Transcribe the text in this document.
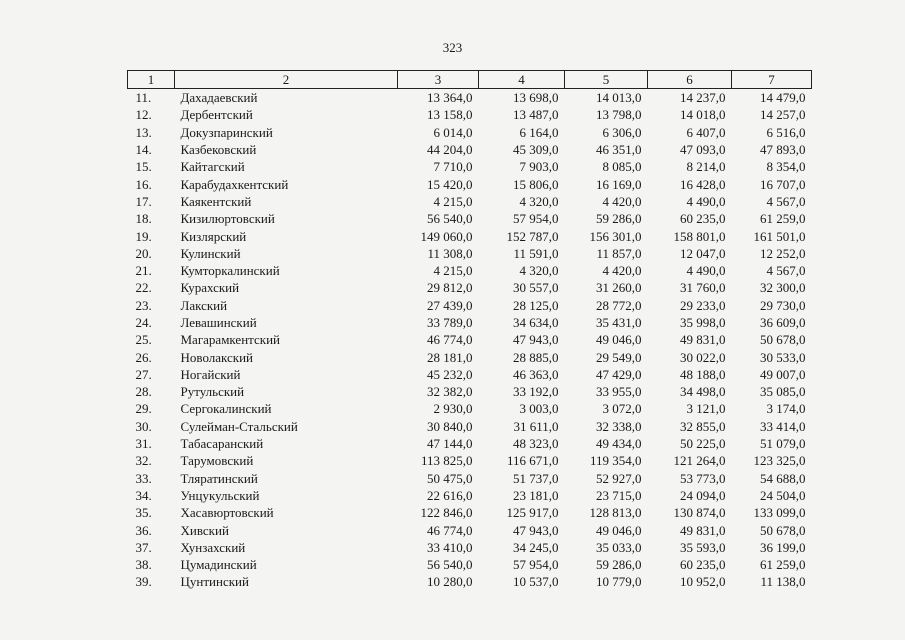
323
1	2	3	4	5	6	7
11.	Дахадаевский	13 364,0	13 698,0	14 013,0	14 237,0	14 479,0
12.	Дербентский	13 158,0	13 487,0	13 798,0	14 018,0	14 257,0
13.	Докузпаринский	6 014,0	6 164,0	6 306,0	6 407,0	6 516,0
14.	Казбековский	44 204,0	45 309,0	46 351,0	47 093,0	47 893,0
15.	Кайтагский	7 710,0	7 903,0	8 085,0	8 214,0	8 354,0
16.	Карабудахкентский	15 420,0	15 806,0	16 169,0	16 428,0	16 707,0
17.	Каякентский	4 215,0	4 320,0	4 420,0	4 490,0	4 567,0
18.	Кизилюртовский	56 540,0	57 954,0	59 286,0	60 235,0	61 259,0
19.	Кизлярский	149 060,0	152 787,0	156 301,0	158 801,0	161 501,0
20.	Кулинский	11 308,0	11 591,0	11 857,0	12 047,0	12 252,0
21.	Кумторкалинский	4 215,0	4 320,0	4 420,0	4 490,0	4 567,0
22.	Курахский	29 812,0	30 557,0	31 260,0	31 760,0	32 300,0
23.	Лакский	27 439,0	28 125,0	28 772,0	29 233,0	29 730,0
24.	Левашинский	33 789,0	34 634,0	35 431,0	35 998,0	36 609,0
25.	Магарамкентский	46 774,0	47 943,0	49 046,0	49 831,0	50 678,0
26.	Новолакский	28 181,0	28 885,0	29 549,0	30 022,0	30 533,0
27.	Ногайский	45 232,0	46 363,0	47 429,0	48 188,0	49 007,0
28.	Рутульский	32 382,0	33 192,0	33 955,0	34 498,0	35 085,0
29.	Сергокалинский	2 930,0	3 003,0	3 072,0	3 121,0	3 174,0
30.	Сулейман-Стальский	30 840,0	31 611,0	32 338,0	32 855,0	33 414,0
31.	Табасаранский	47 144,0	48 323,0	49 434,0	50 225,0	51 079,0
32.	Тарумовский	113 825,0	116 671,0	119 354,0	121 264,0	123 325,0
33.	Тляратинский	50 475,0	51 737,0	52 927,0	53 773,0	54 688,0
34.	Унцукульский	22 616,0	23 181,0	23 715,0	24 094,0	24 504,0
35.	Хасавюртовский	122 846,0	125 917,0	128 813,0	130 874,0	133 099,0
36.	Хивский	46 774,0	47 943,0	49 046,0	49 831,0	50 678,0
37.	Хунзахский	33 410,0	34 245,0	35 033,0	35 593,0	36 199,0
38.	Цумадинский	56 540,0	57 954,0	59 286,0	60 235,0	61 259,0
39.	Цунтинский	10 280,0	10 537,0	10 779,0	10 952,0	11 138,0
